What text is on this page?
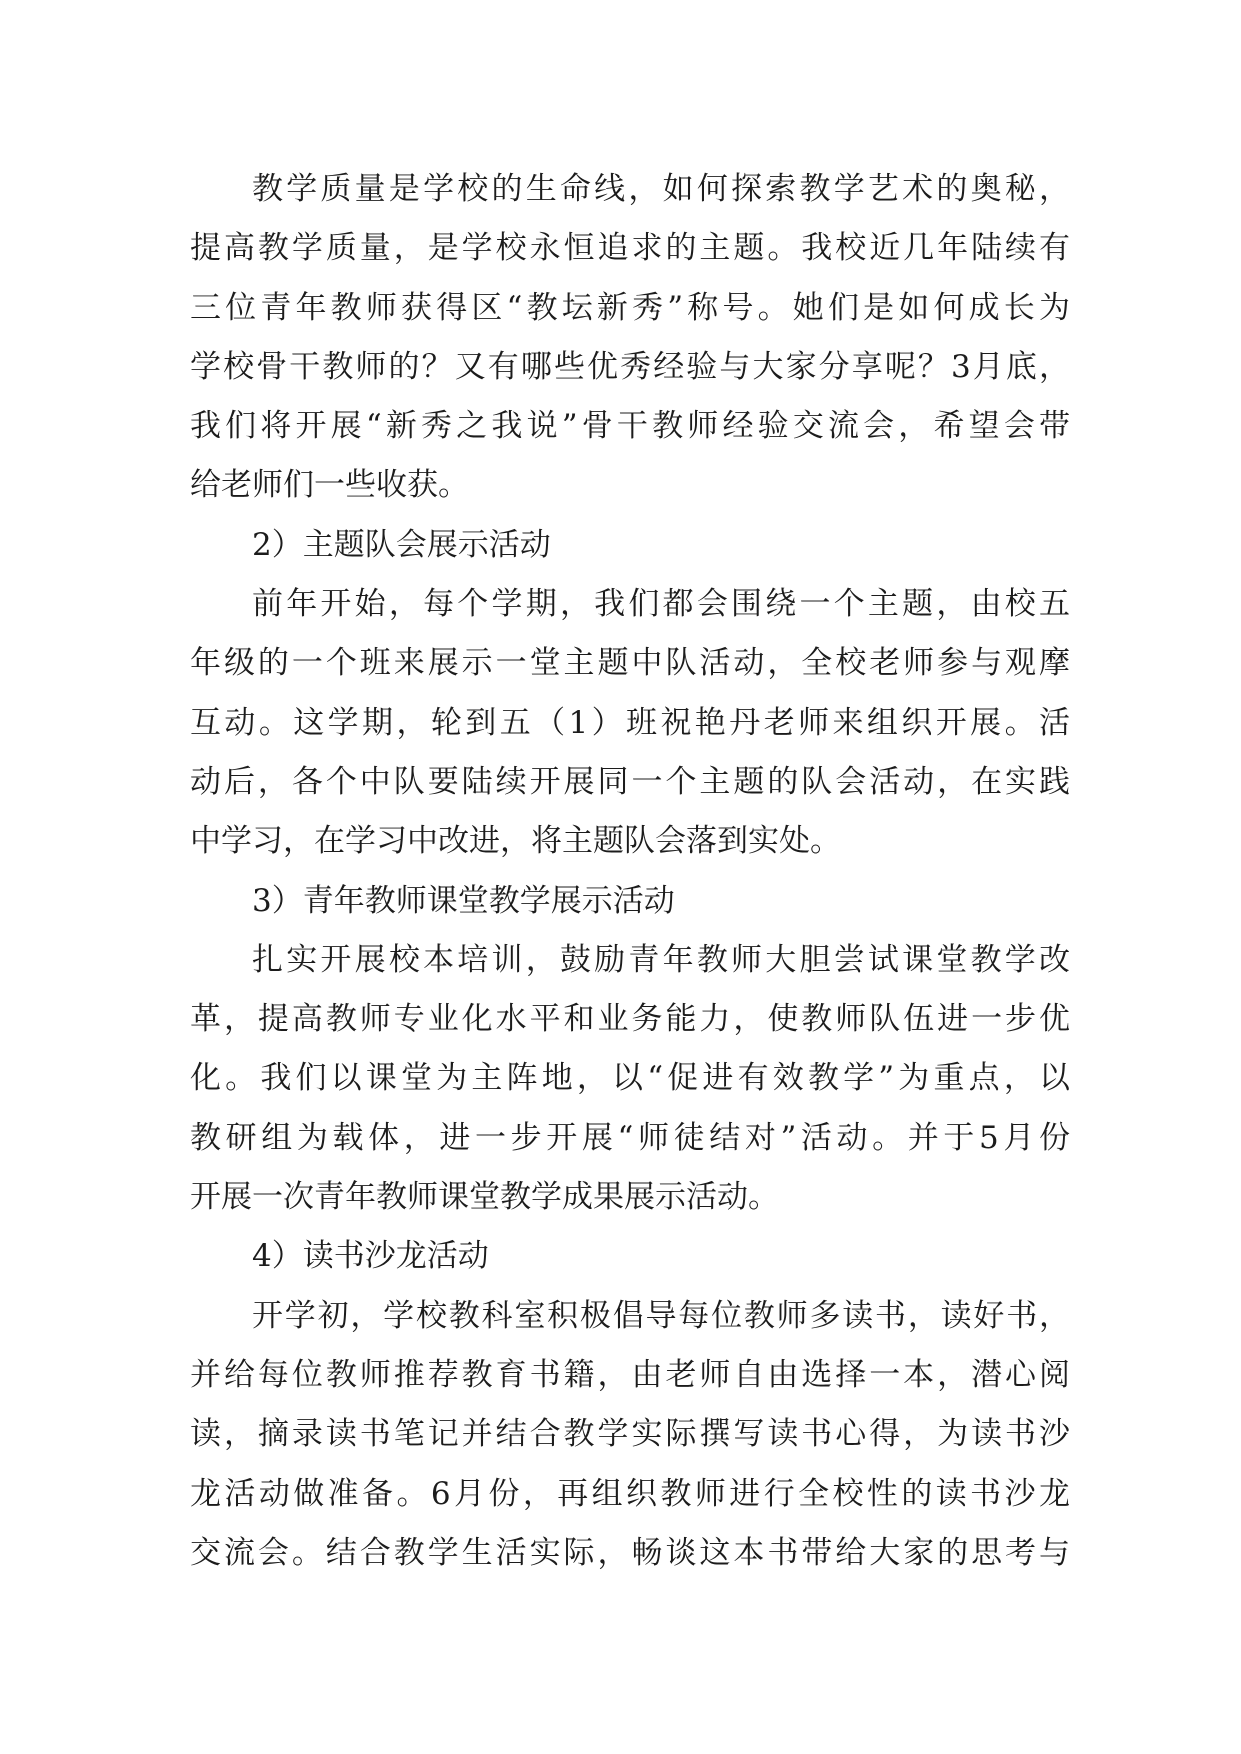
教学质量是学校的生命线，如何探索教学艺术的奥秘，
提高教学质量，是学校永恒追求的主题。我校近几年陆续有
三位青年教师获得区“教坛新秀”称号。她们是如何成长为
学校骨干教师的？又有哪些优秀经验与大家分享呢？3月底，
我们将开展“新秀之我说”骨干教师经验交流会，希望会带
给老师们一些收获。
2）主题队会展示活动
前年开始，每个学期，我们都会围绕一个主题，由校五
年级的一个班来展示一堂主题中队活动，全校老师参与观摩
互动。这学期，轮到五（1）班祝艳丹老师来组织开展。活
动后，各个中队要陆续开展同一个主题的队会活动，在实践
中学习，在学习中改进，将主题队会落到实处。
3）青年教师课堂教学展示活动
扎实开展校本培训，鼓励青年教师大胆尝试课堂教学改
革，提高教师专业化水平和业务能力，使教师队伍进一步优
化。我们以课堂为主阵地，以“促进有效教学”为重点，以
教研组为载体，进一步开展“师徒结对”活动。并于5月份
开展一次青年教师课堂教学成果展示活动。
4）读书沙龙活动
开学初，学校教科室积极倡导每位教师多读书，读好书，
并给每位教师推荐教育书籍，由老师自由选择一本，潜心阅
读，摘录读书笔记并结合教学实际撰写读书心得，为读书沙
龙活动做准备。6月份，再组织教师进行全校性的读书沙龙
交流会。结合教学生活实际，畅谈这本书带给大家的思考与
